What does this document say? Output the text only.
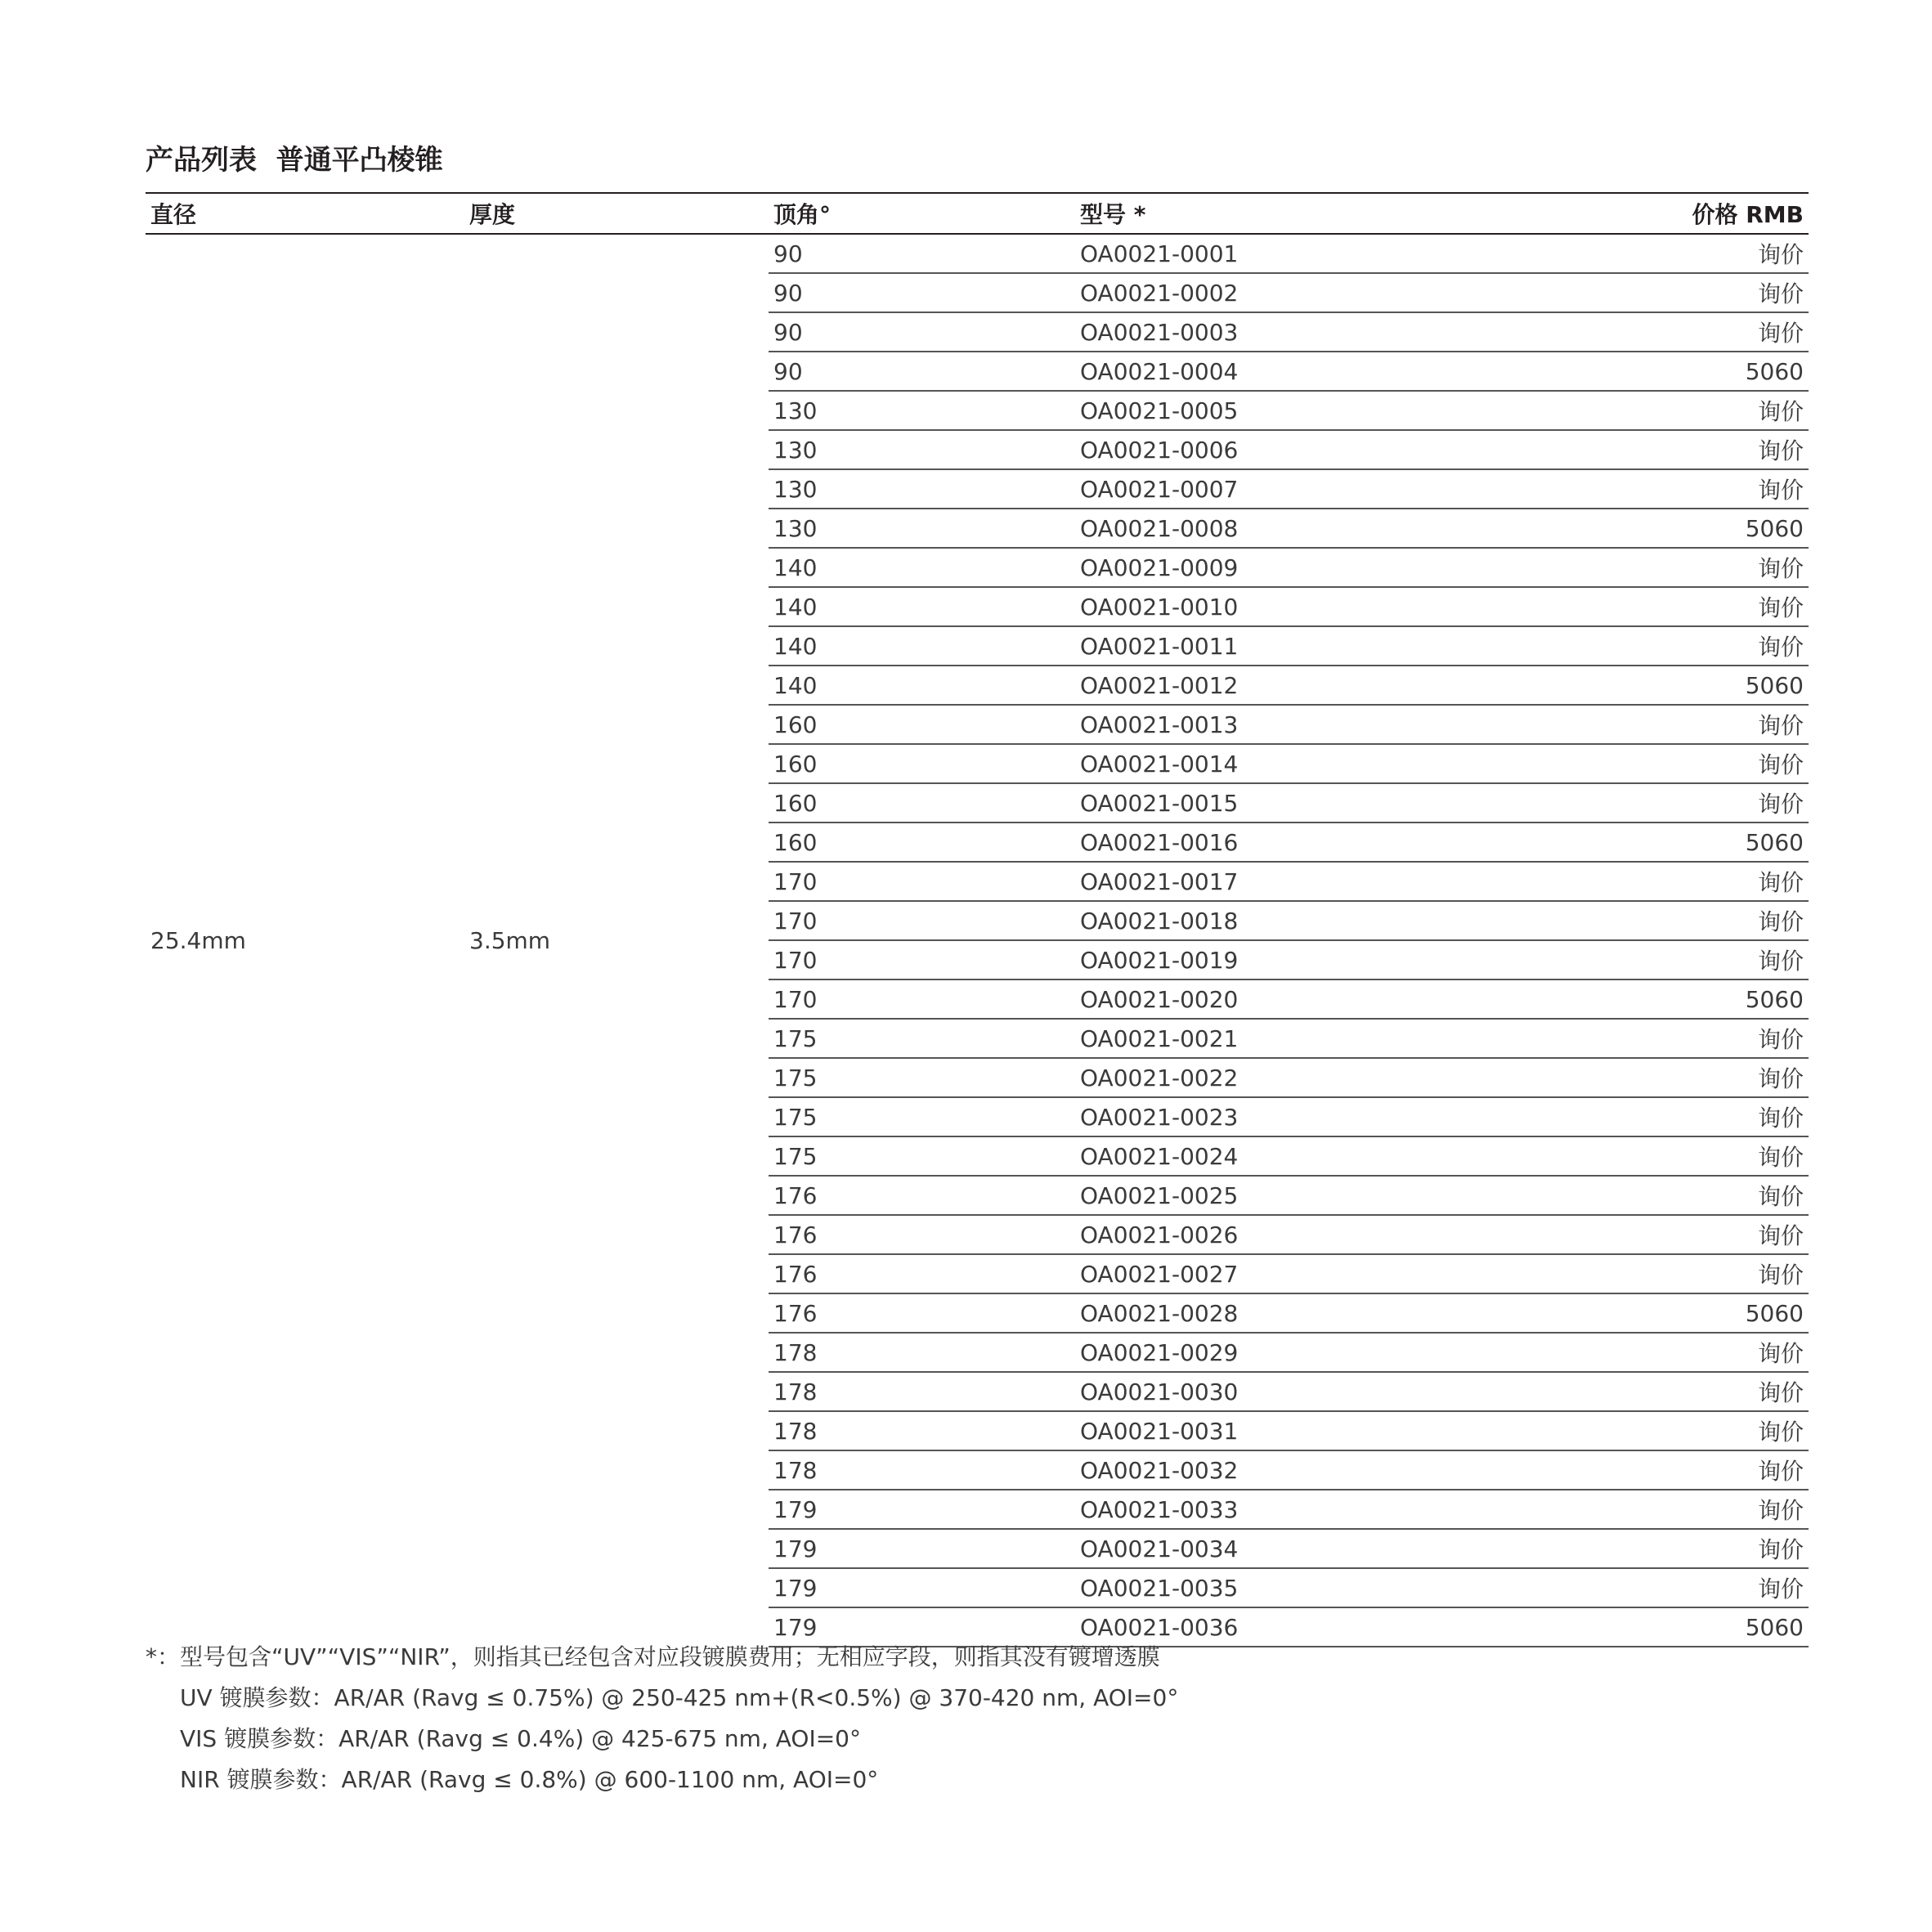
产品列表  普通平凸棱锥
直径	厚度	顶角°	型号 *	价格 RMB
25.4mm	3.5mm	90	OA0021-0001	询价
		90	OA0021-0002	询价
		90	OA0021-0003	询价
		90	OA0021-0004	5060
		130	OA0021-0005	询价
		130	OA0021-0006	询价
		130	OA0021-0007	询价
		130	OA0021-0008	5060
		140	OA0021-0009	询价
		140	OA0021-0010	询价
		140	OA0021-0011	询价
		140	OA0021-0012	5060
		160	OA0021-0013	询价
		160	OA0021-0014	询价
		160	OA0021-0015	询价
		160	OA0021-0016	5060
		170	OA0021-0017	询价
		170	OA0021-0018	询价
		170	OA0021-0019	询价
		170	OA0021-0020	5060
		175	OA0021-0021	询价
		175	OA0021-0022	询价
		175	OA0021-0023	询价
		175	OA0021-0024	询价
		176	OA0021-0025	询价
		176	OA0021-0026	询价
		176	OA0021-0027	询价
		176	OA0021-0028	5060
		178	OA0021-0029	询价
		178	OA0021-0030	询价
		178	OA0021-0031	询价
		178	OA0021-0032	询价
		179	OA0021-0033	询价
		179	OA0021-0034	询价
		179	OA0021-0035	询价
		179	OA0021-0036	5060
*：型号包含“UV”“VIS”“NIR”，则指其已经包含对应段镀膜费用；无相应字段，则指其没有镀增透膜
UV 镀膜参数：AR/AR (Ravg ≤ 0.75%) @ 250-425 nm+(R<0.5%) @ 370-420 nm, AOI=0°
VIS 镀膜参数：AR/AR (Ravg ≤ 0.4%) @ 425-675 nm, AOI=0°
NIR 镀膜参数：AR/AR (Ravg ≤ 0.8%) @ 600-1100 nm, AOI=0°
